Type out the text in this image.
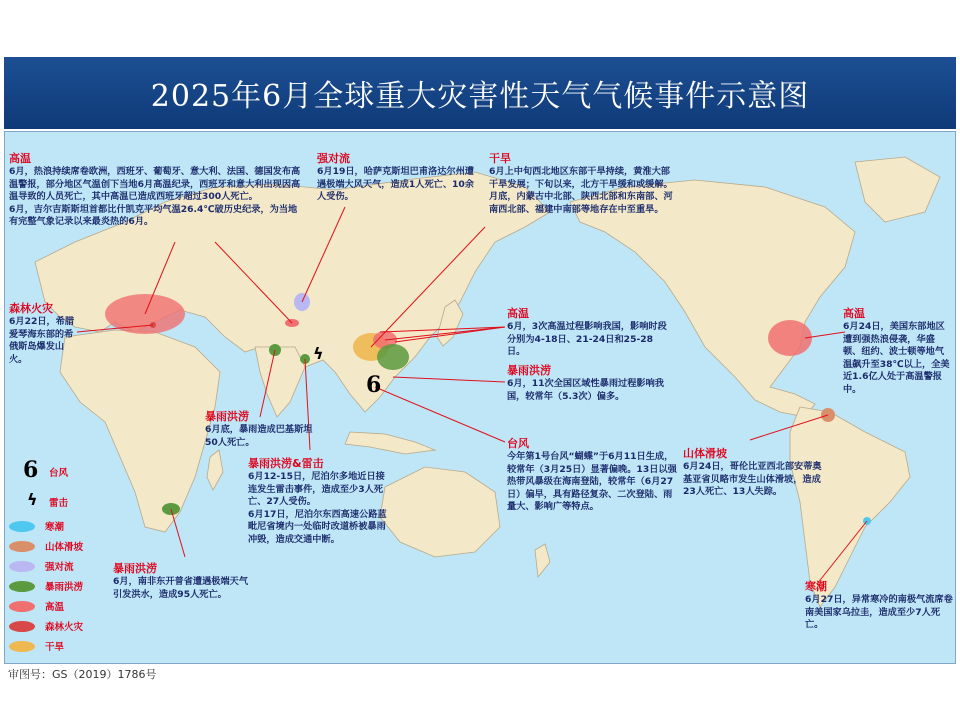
2025年6月全球重大灾害性天气气候事件示意图
6
ϟ
高温
6月，热浪持续席卷欧洲，西班牙、葡萄牙、意大利、法国、德国发布高温警报，部分地区气温创下当地6月高温纪录，西班牙和意大利出现因高温导致的人员死亡，其中高温已造成西班牙超过300人死亡。
6月，吉尔吉斯斯坦首都比什凯克平均气温26.4℃破历史纪录，为当地有完整气象记录以来最炎热的6月。
强对流
6月19日，哈萨克斯坦巴甫洛达尔州遭遇极端大风天气，造成1人死亡、10余人受伤。
干旱
6月上中旬西北地区东部干旱持续，黄淮大部干旱发展；下旬以来，北方干旱缓和或缓解。月底，内蒙古中北部、陕西北部和东南部、河南西北部、福建中南部等地存在中至重旱。
森林火灾
6月22日，希腊爱琴海东部的希俄斯岛爆发山火。
高温
6月，3次高温过程影响我国，影响时段分别为4-18日、21-24日和25-28日。
暴雨洪涝
6月，11次全国区域性暴雨过程影响我国，较常年（5.3次）偏多。
高温
6月24日，美国东部地区遭到强热浪侵袭，华盛顿、纽约、波士顿等地气温飙升至38℃以上，全美近1.6亿人处于高温警报中。
暴雨洪涝
6月底，暴雨造成巴基斯坦50人死亡。	台风
今年第1号台风“蝴蝶”于6月11日生成，较常年（3月25日）显著偏晚。13日以强热带风暴级在海南登陆，较常年（6月27日）偏早，具有路径复杂、二次登陆、雨量大、影响广等特点。
山体滑坡
6月24日，哥伦比亚西北部安蒂奥基亚省贝略市发生山体滑坡，造成23人死亡、13人失踪。
暴雨洪涝&雷击
6月12-15日，尼泊尔多地近日接连发生雷击事件，造成至少3人死亡、27人受伤。
6月17日，尼泊尔东西高速公路蓝毗尼省境内一处临时改道桥被暴雨冲毁，造成交通中断。
暴雨洪涝
6月，南非东开普省遭遇极端天气引发洪水，造成95人死亡。
寒潮
6月27日，异常寒冷的南极气流席卷南美国家乌拉圭，造成至少7人死亡。
6 台风
ϟ 雷击
寒潮
山体滑坡
强对流
暴雨洪涝
高温
森林火灾
干旱
审图号：GS（2019）1786号
